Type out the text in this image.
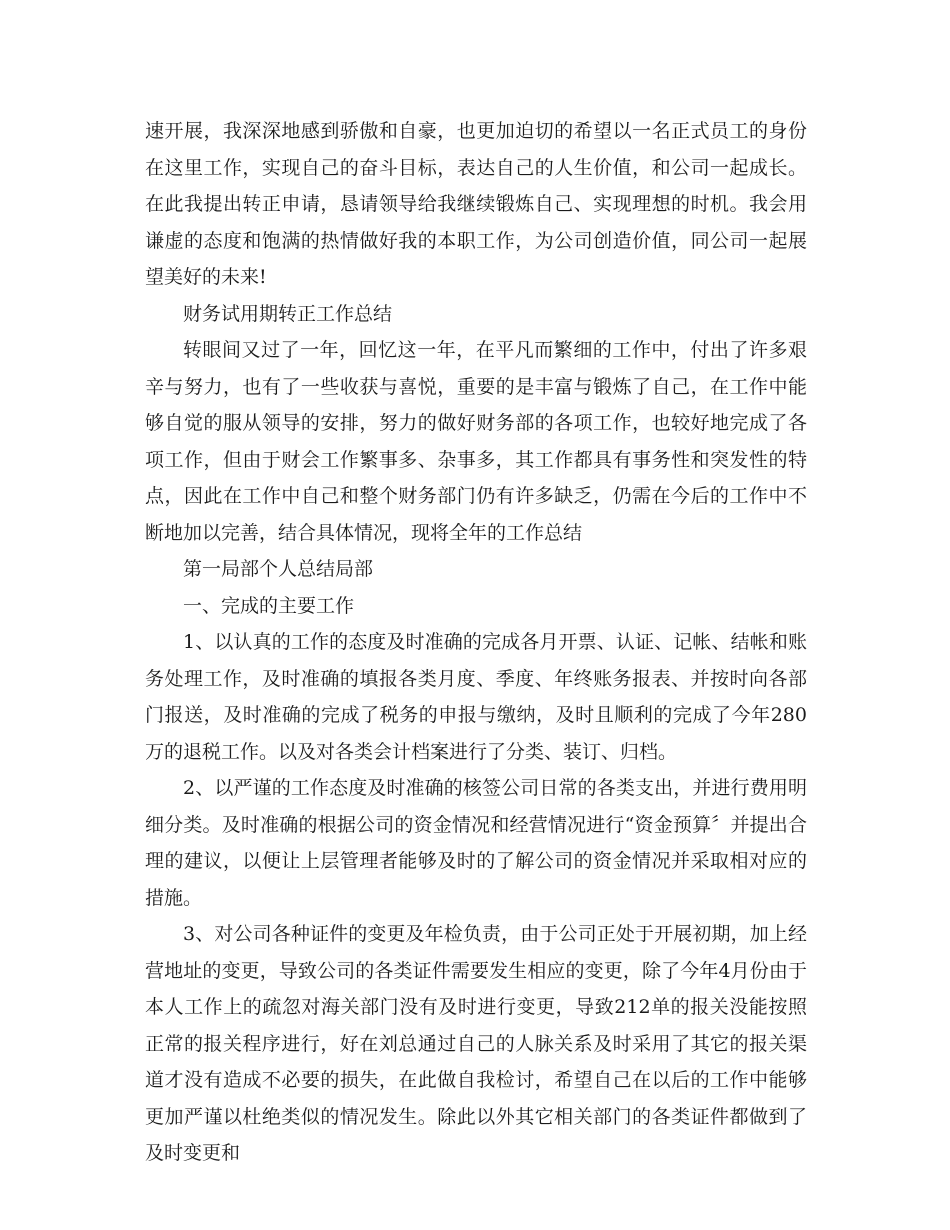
速开展，我深深地感到骄傲和自豪，也更加迫切的希望以一名正式员工的身份在这里工作，实现自己的奋斗目标，表达自己的人生价值，和公司一起成长。在此我提出转正申请，恳请领导给我继续锻炼自己、实现理想的时机。我会用谦虚的态度和饱满的热情做好我的本职工作，为公司创造价值，同公司一起展望美好的未来!

财务试用期转正工作总结

转眼间又过了一年，回忆这一年，在平凡而繁细的工作中，付出了许多艰辛与努力，也有了一些收获与喜悦，重要的是丰富与锻炼了自己，在工作中能够自觉的服从领导的安排，努力的做好财务部的各项工作，也较好地完成了各项工作，但由于财会工作繁事多、杂事多，其工作都具有事务性和突发性的特点，因此在工作中自己和整个财务部门仍有许多缺乏，仍需在今后的工作中不断地加以完善，结合具体情况，现将全年的工作总结

第一局部个人总结局部

一、完成的主要工作

1、以认真的工作的态度及时准确的完成各月开票、认证、记帐、结帐和账务处理工作，及时准确的填报各类月度、季度、年终账务报表、并按时向各部门报送，及时准确的完成了税务的申报与缴纳，及时且顺利的完成了今年280万的退税工作。以及对各类会计档案进行了分类、装订、归档。

2、以严谨的工作态度及时准确的核签公司日常的各类支出，并进行费用明细分类。及时准确的根据公司的资金情况和经营情况进行“资金预算〞并提出合理的建议，以便让上层管理者能够及时的了解公司的资金情况并采取相对应的措施。

3、对公司各种证件的变更及年检负责，由于公司正处于开展初期，加上经营地址的变更，导致公司的各类证件需要发生相应的变更，除了今年4月份由于本人工作上的疏忽对海关部门没有及时进行变更，导致212单的报关没能按照正常的报关程序进行，好在刘总通过自己的人脉关系及时采用了其它的报关渠道才没有造成不必要的损失，在此做自我检讨，希望自己在以后的工作中能够更加严谨以杜绝类似的情况发生。除此以外其它相关部门的各类证件都做到了及时变更和
